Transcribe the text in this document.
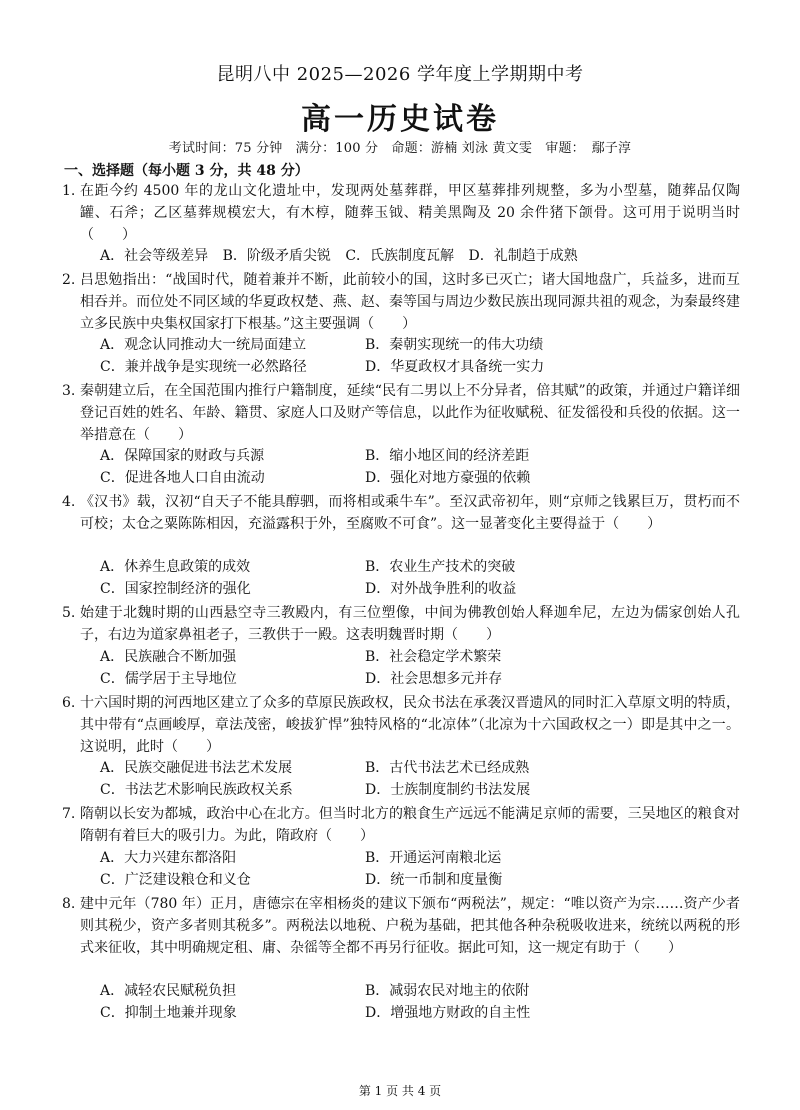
昆明八中 2025—2026 学年度上学期期中考
高一历史试卷
考试时间：75 分钟　满分：100 分　命题：游楠 刘泳 黄文雯　审题：　鄢子淳
一、选择题（每小题 3 分，共 48 分）
1. 在距今约 4500 年的龙山文化遗址中，发现两处墓葬群，甲区墓葬排列规整，多为小型墓，随葬品仅陶罐、石斧；乙区墓葬规模宏大，有木椁，随葬玉钺、精美黑陶及 20 余件猪下颌骨。这可用于说明当时（　　）
A．社会等级差异 B．阶级矛盾尖锐 C．氏族制度瓦解 D．礼制趋于成熟
2. 吕思勉指出：“战国时代，随着兼并不断，此前较小的国，这时多已灭亡；诸大国地盘广，兵益多，进而互相吞并。而位处不同区域的华夏政权楚、燕、赵、秦等国与周边少数民族出现同源共祖的观念，为秦最终建立多民族中央集权国家打下根基。”这主要强调（　　）
A．观念认同推动大一统局面建立	B．秦朝实现统一的伟大功绩
C．兼并战争是实现统一必然路径	D．华夏政权才具备统一实力
3. 秦朝建立后，在全国范围内推行户籍制度，延续“民有二男以上不分异者，倍其赋”的政策，并通过户籍详细登记百姓的姓名、年龄、籍贯、家庭人口及财产等信息，以此作为征收赋税、征发徭役和兵役的依据。这一举措意在（　　）
A．保障国家的财政与兵源	B．缩小地区间的经济差距
C．促进各地人口自由流动	D．强化对地方豪强的依赖
4. 《汉书》载，汉初“自天子不能具醇驷，而将相或乘牛车”。至汉武帝初年，则“京师之钱累巨万，贯朽而不可校；太仓之粟陈陈相因，充溢露积于外，至腐败不可食”。这一显著变化主要得益于（　　）
A．休养生息政策的成效	B．农业生产技术的突破
C．国家控制经济的强化	D．对外战争胜利的收益
5. 始建于北魏时期的山西悬空寺三教殿内，有三位塑像，中间为佛教创始人释迦牟尼，左边为儒家创始人孔子，右边为道家鼻祖老子，三教供于一殿。这表明魏晋时期（　　）
A．民族融合不断加强	B．社会稳定学术繁荣
C．儒学居于主导地位	D．社会思想多元并存
6. 十六国时期的河西地区建立了众多的草原民族政权，民众书法在承袭汉晋遗风的同时汇入草原文明的特质，其中带有“点画峻厚，章法茂密，峻拔犷悍”独特风格的“北凉体”（北凉为十六国政权之一）即是其中之一。这说明，此时（　　）
A．民族交融促进书法艺术发展	B．古代书法艺术已经成熟
C．书法艺术影响民族政权关系	D．士族制度制约书法发展
7. 隋朝以长安为都城，政治中心在北方。但当时北方的粮食生产远远不能满足京师的需要，三吴地区的粮食对隋朝有着巨大的吸引力。为此，隋政府（　　）
A．大力兴建东都洛阳	B．开通运河南粮北运
C．广泛建设粮仓和义仓	D．统一币制和度量衡
8. 建中元年（780 年）正月，唐德宗在宰相杨炎的建议下颁布“两税法”，规定：“唯以资产为宗……资产少者则其税少，资产多者则其税多”。两税法以地税、户税为基础，把其他各种杂税吸收进来，统统以两税的形式来征收，其中明确规定租、庸、杂徭等全都不再另行征收。据此可知，这一规定有助于（　　）
A．减轻农民赋税负担	B．减弱农民对地主的依附
C．抑制土地兼并现象	D．增强地方财政的自主性
第 1 页 共 4 页
